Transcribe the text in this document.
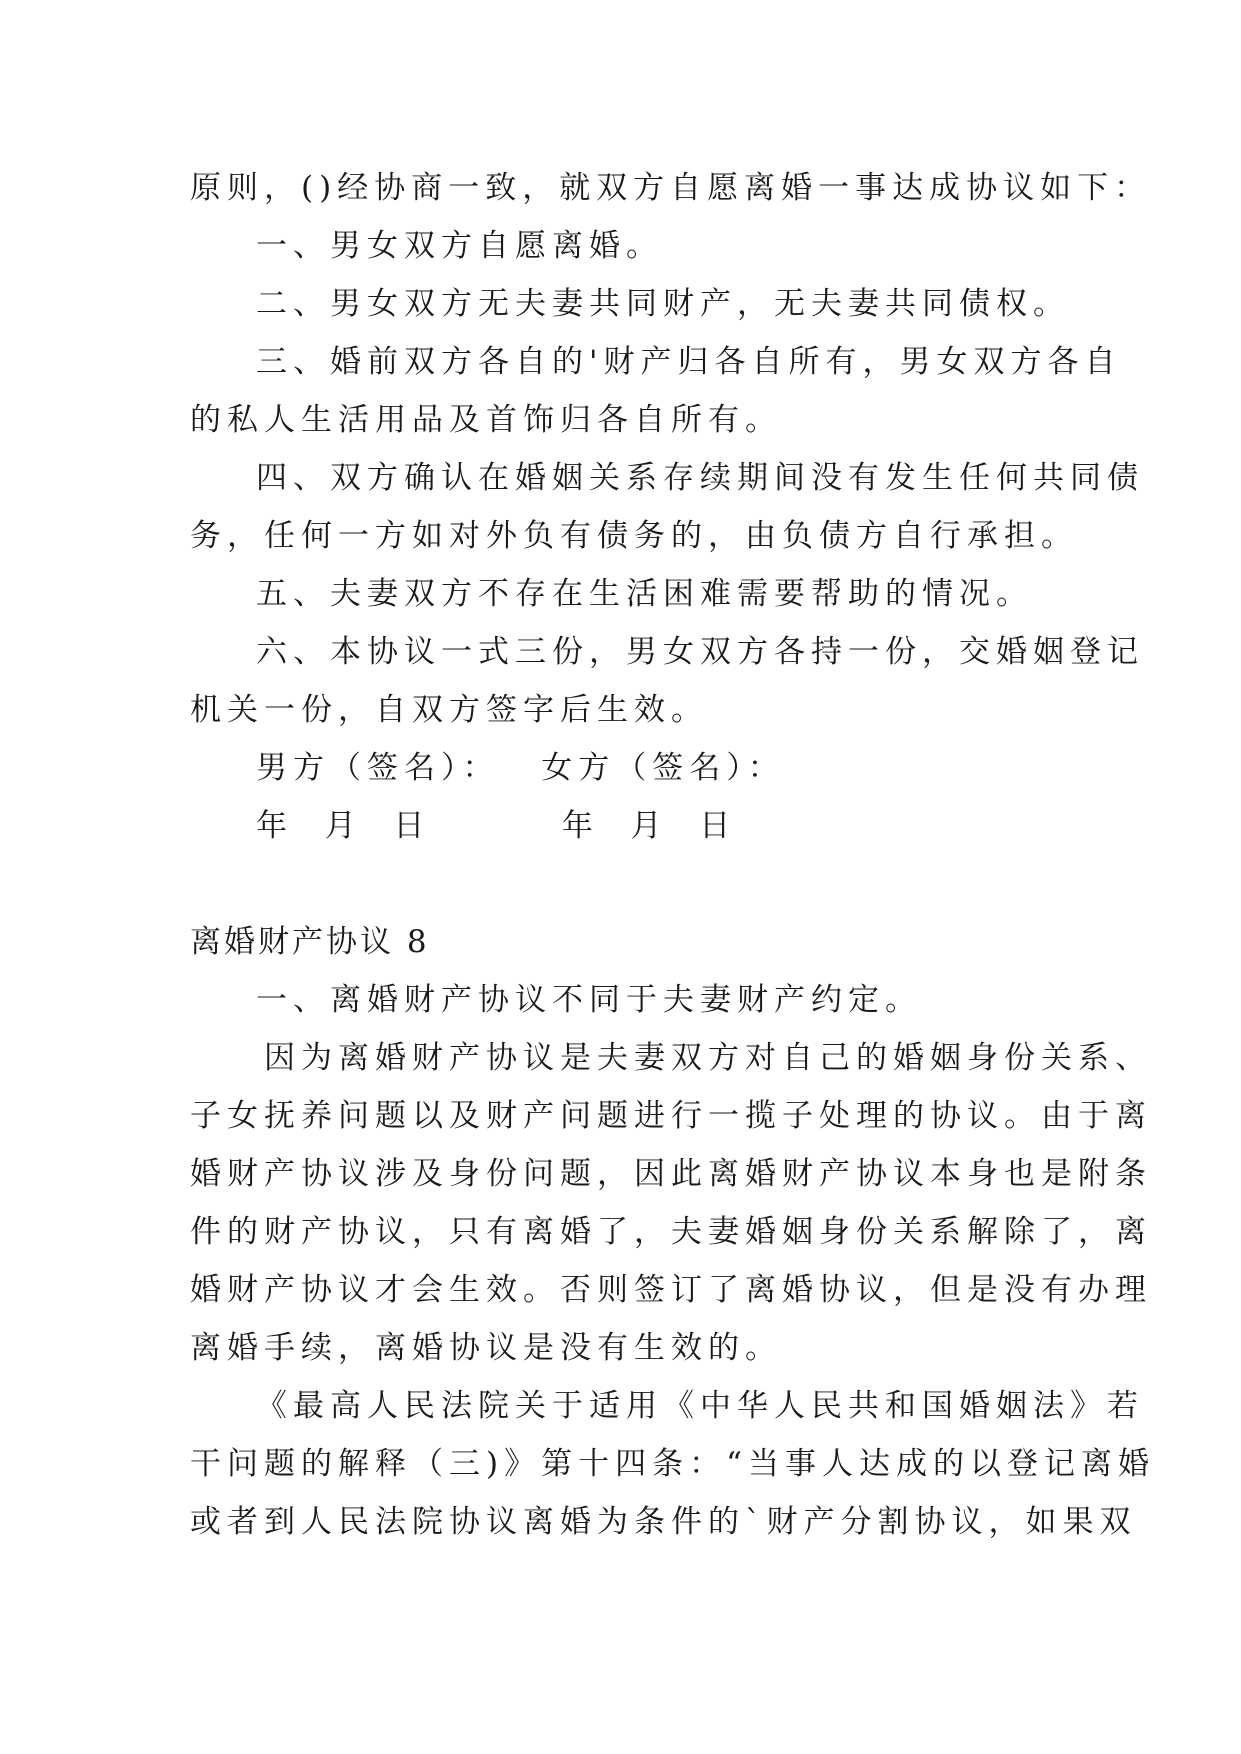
原则，()经协商一致，就双方自愿离婚一事达成协议如下：
一、男女双方自愿离婚。
二、男女双方无夫妻共同财产，无夫妻共同债权。
三、婚前双方各自的'财产归各自所有，男女双方各自
的私人生活用品及首饰归各自所有。
四、双方确认在婚姻关系存续期间没有发生任何共同债
务，任何一方如对外负有债务的，由负债方自行承担。
五、夫妻双方不存在生活困难需要帮助的情况。
六、本协议一式三份，男女双方各持一份，交婚姻登记
机关一份，自双方签字后生效。
男方（签名）： 女方（签名）：
年  月  日	年  月  日
离婚财产协议 8
一、离婚财产协议不同于夫妻财产约定。
因为离婚财产协议是夫妻双方对自己的婚姻身份关系、
子女抚养问题以及财产问题进行一揽子处理的协议。由于离
婚财产协议涉及身份问题，因此离婚财产协议本身也是附条
件的财产协议，只有离婚了，夫妻婚姻身份关系解除了，离
婚财产协议才会生效。否则签订了离婚协议，但是没有办理
离婚手续，离婚协议是没有生效的。
《最高人民法院关于适用《中华人民共和国婚姻法》若
干问题的解释（三)》第十四条：“当事人达成的以登记离婚
或者到人民法院协议离婚为条件的`财产分割协议，如果双
